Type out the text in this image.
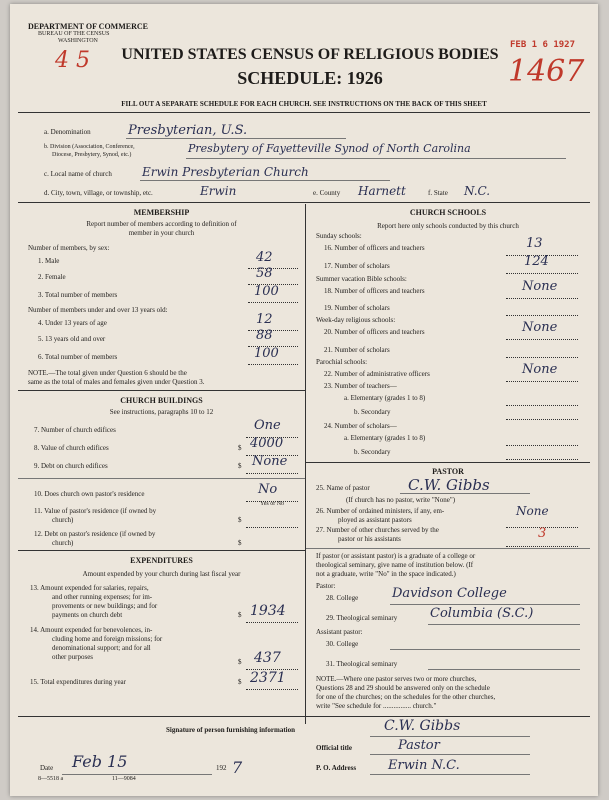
DEPARTMENT OF COMMERCE
BUREAU OF THE CENSUS
WASHINGTON
4 5	UNITED STATES CENSUS OF RELIGIOUS BODIES
SCHEDULE: 1926
FEB 1 6 1927
1467
FILL OUT A SEPARATE SCHEDULE FOR EACH CHURCH. SEE INSTRUCTIONS ON THE BACK OF THIS SHEET
a. Denomination	Presbyterian, U.S.
b. Division (Association, Conference,
Diocese, Presbytery, Synod, etc.)	Presbytery of Fayetteville Synod of North Carolina
c. Local name of church	Erwin Presbyterian Church
d. City, town, village, or township, etc.	Erwin	e. County Harnett	f. State N.C.
MEMBERSHIP
Report number of members according to definition of
member in your church
Number of members, by sex:
1. Male	42
2. Female	58
3. Total number of members	100
Number of members under and over 13 years old:
4. Under 13 years of age	12
5. 13 years old and over	88
6. Total number of members	100
NOTE.—The total given under Question 6 should be the
same as the total of males and females given under Question 3.
CHURCH BUILDINGS
See instructions, paragraphs 10 to 12
7. Number of church edifices	One
8. Value of church edifices	$ 4000
9. Debt on church edifices	$ None
10. Does church own pastor's residence	No
Yes or No
11. Value of pastor's residence (if owned by
church)	$
12. Debt on pastor's residence (if owned by
church)	$
EXPENDITURES
Amount expended by your church during last fiscal year
13. Amount expended for salaries, repairs,
and other running expenses; for im-
provements or new buildings; and for
payments on church debt	$ 1934
14. Amount expended for benevolences, in-
cluding home and foreign missions; for
denominational support; and for all
other purposes
$ 437
15. Total expenditures during year	$ 2371
CHURCH SCHOOLS
Report here only schools conducted by this church
Sunday schools:
16. Number of officers and teachers	13
17. Number of scholars	124
Summer vacation Bible schools:
18. Number of officers and teachers	None
19. Number of scholars
Week-day religious schools:
20. Number of officers and teachers	None
21. Number of scholars
Parochial schools:
22. Number of administrative officers	None
23. Number of teachers—
a. Elementary (grades 1 to 8)
b. Secondary
24. Number of scholars—
a. Elementary (grades 1 to 8)
b. Secondary
PASTOR
25. Name of pastor	C.W. Gibbs
(If church has no pastor, write "None")
26. Number of ordained ministers, if any, em-
ployed as assistant pastors
None
27. Number of other churches served by the
pastor or his assistants	3
If pastor (or assistant pastor) is a graduate of a college or
theological seminary, give name of institution below. (If
not a graduate, write "No" in the space indicated.)
Pastor:
28. College	Davidson College
29. Theological seminary	Columbia (S.C.)
Assistant pastor:
30. College
31. Theological seminary
NOTE.—Where one pastor serves two or more churches,
Questions 28 and 29 should be answered only on the schedule
for one of the churches; on the schedules for the other churches,
write "See schedule for ................ church."
Signature of person furnishing information	C.W. Gibbs
Official title	Pastor
Date Feb 15	192 7	P. O. Address Erwin N.C.
8—5518 a	11—9084
